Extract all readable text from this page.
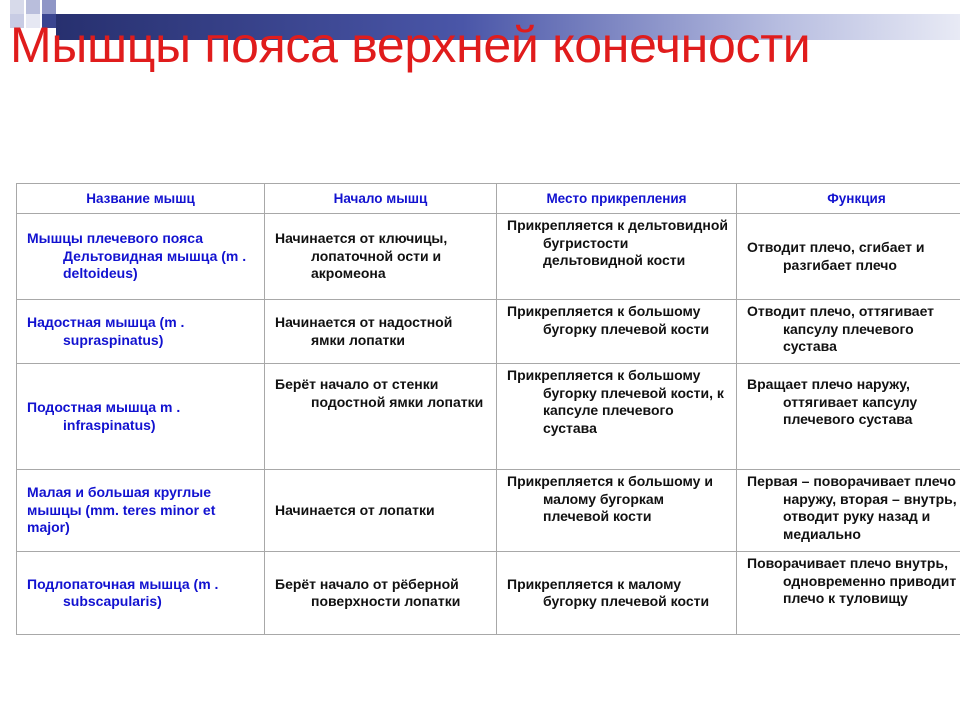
Мышцы пояса верхней конечности
Название мышц	Начало мышц	Место прикрепления	Функция

Мышцы плечевого пояса Дельтовидная мышца (m . deltoideus)	Начинается от ключицы, лопаточной ости и акромеона	Прикрепляется к дельтовидной бугристости дельтовидной кости	Отводит плечо, сгибает и разгибает плечо

Надостная мышца (m . supraspinatus)	Начинается от надостной ямки лопатки	Прикрепляется к большому бугорку плечевой кости	Отводит плечо, оттягивает капсулу плечевого сустава

Подостная мышца m . infraspinatus)	Берёт начало от стенки подостной ямки лопатки	Прикрепляется к большому бугорку плечевой кости, к капсуле плечевого сустава	Вращает плечо наружу, оттягивает капсулу плечевого сустава

Малая и большая круглые мышцы (mm. teres minor et major)	Начинается от лопатки	Прикрепляется к большому и малому бугоркам плечевой кости	Первая – поворачивает плечо наружу, вторая – внутрь, отводит руку назад и медиально

Подлопаточная мышца (m . subscapularis)	Берёт начало от рёберной поверхности лопатки	Прикрепляется к малому бугорку плечевой кости	Поворачивает плечо внутрь, одновременно приводит плечо к туловищу
